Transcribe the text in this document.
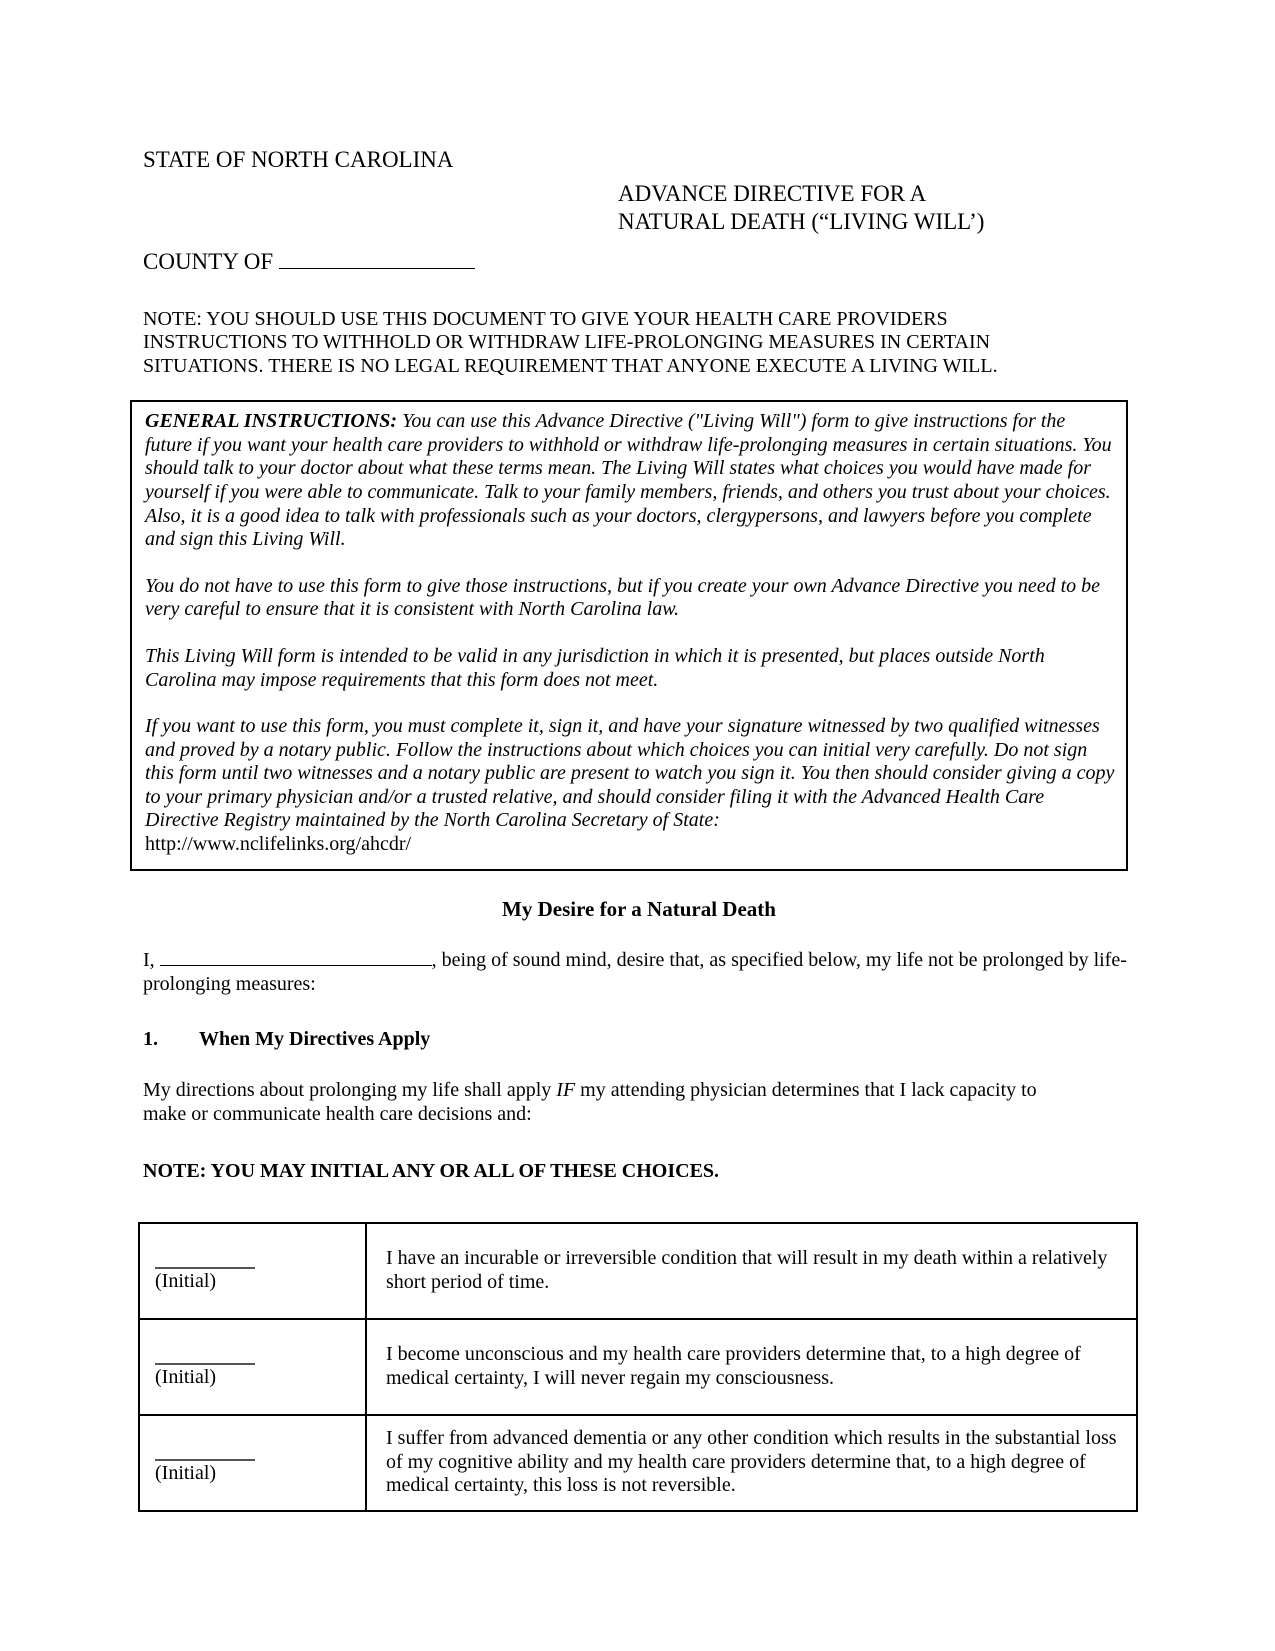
STATE OF NORTH CAROLINA
ADVANCE DIRECTIVE FOR A
NATURAL DEATH (“LIVING WILL’)
COUNTY OF
NOTE: YOU SHOULD USE THIS DOCUMENT TO GIVE YOUR HEALTH CARE PROVIDERS INSTRUCTIONS TO WITHHOLD OR WITHDRAW LIFE-PROLONGING MEASURES IN CERTAIN SITUATIONS. THERE IS NO LEGAL REQUIREMENT THAT ANYONE EXECUTE A LIVING WILL.

GENERAL INSTRUCTIONS: You can use this Advance Directive ("Living Will") form to give instructions for the future if you want your health care providers to withhold or withdraw life-prolonging measures in certain situations. You should talk to your doctor about what these terms mean. The Living Will states what choices you would have made for yourself if you were able to communicate. Talk to your family members, friends, and others you trust about your choices. Also, it is a good idea to talk with professionals such as your doctors, clergypersons, and lawyers before you complete and sign this Living Will.

You do not have to use this form to give those instructions, but if you create your own Advance Directive you need to be very careful to ensure that it is consistent with North Carolina law.

This Living Will form is intended to be valid in any jurisdiction in which it is presented, but places outside North Carolina may impose requirements that this form does not meet.

If you want to use this form, you must complete it, sign it, and have your signature witnessed by two qualified witnesses and proved by a notary public. Follow the instructions about which choices you can initial very carefully. Do not sign this form until two witnesses and a notary public are present to watch you sign it. You then should consider giving a copy to your primary physician and/or a trusted relative, and should consider filing it with the Advanced Health Care Directive Registry maintained by the North Carolina Secretary of State:
http://www.nclifelinks.org/ahcdr/

My Desire for a Natural Death
I,	, being of sound mind, desire that, as specified below, my life not be prolonged by life-prolonging measures:
1. When My Directives Apply
My directions about prolonging my life shall apply IF my attending physician determines that I lack capacity to make or communicate health care decisions and:
NOTE: YOU MAY INITIAL ANY OR ALL OF THESE CHOICES.
(Initial)	I have an incurable or irreversible condition that will result in my death within a relatively short period of time.

(Initial)	I become unconscious and my health care providers determine that, to a high degree of medical certainty, I will never regain my consciousness.

(Initial)	I suffer from advanced dementia or any other condition which results in the substantial loss of my cognitive ability and my health care providers determine that, to a high degree of medical certainty, this loss is not reversible.
